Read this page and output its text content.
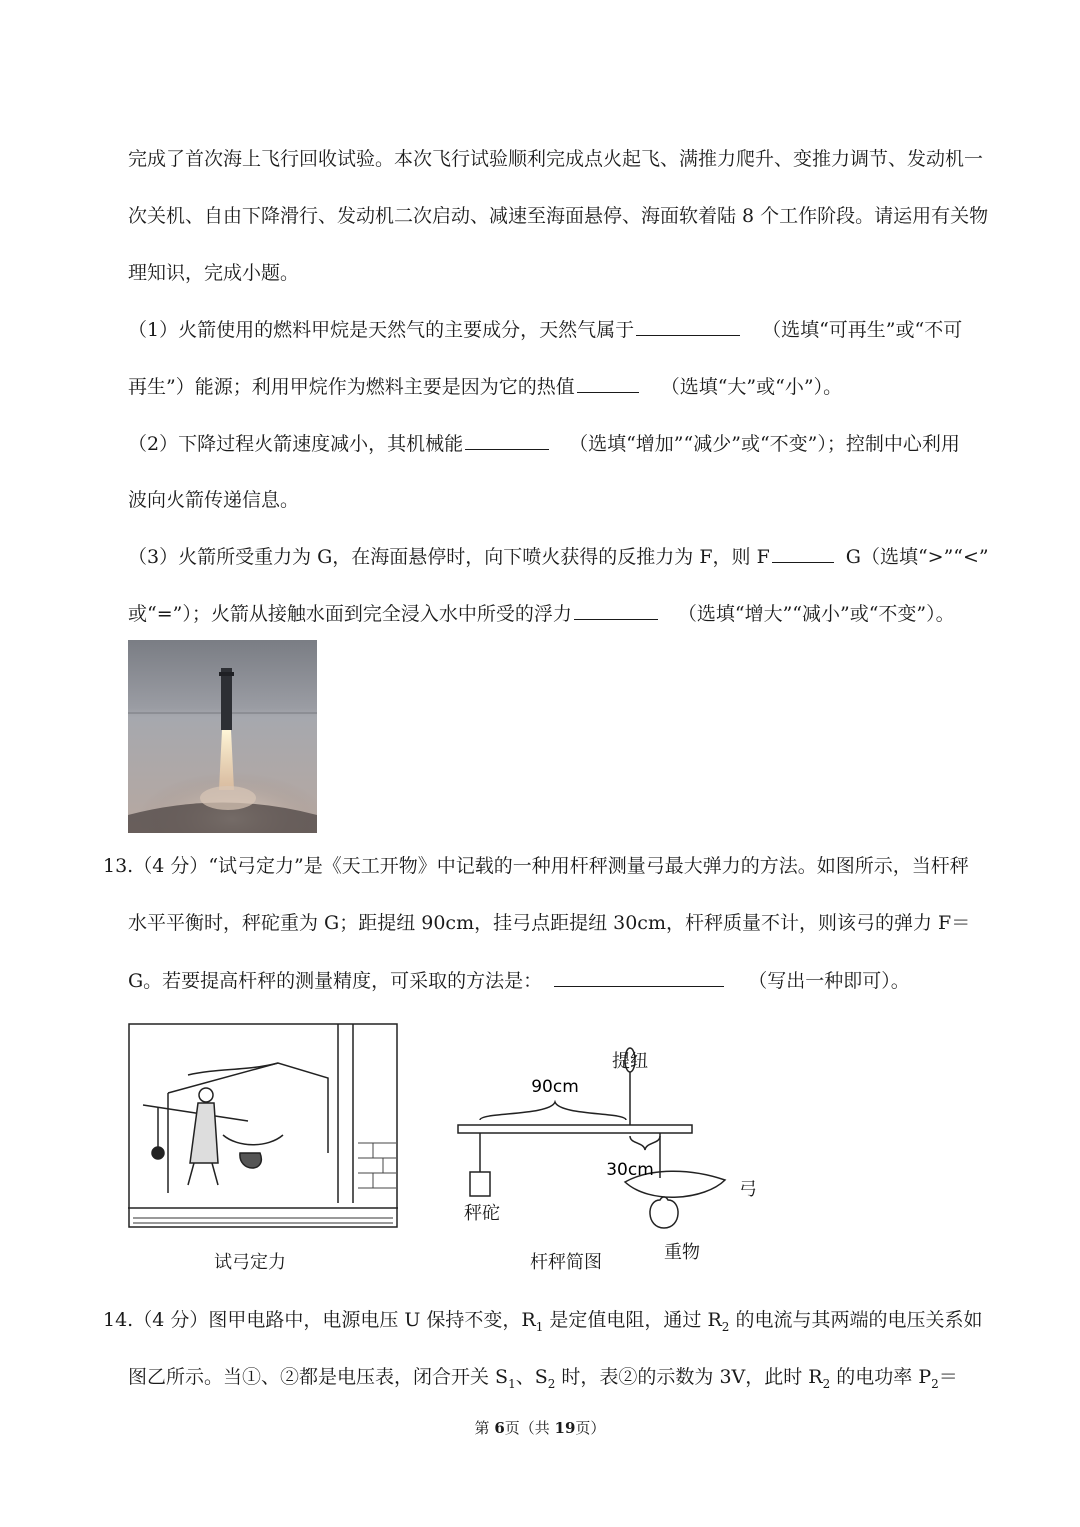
完成了首次海上飞行回收试验。本次飞行试验顺利完成点火起飞、满推力爬升、变推力调节、发动机一
次关机、自由下降滑行、发动机二次启动、减速至海面悬停、海面软着陆 8 个工作阶段。请运用有关物
理知识，完成小题。
（1）火箭使用的燃料甲烷是天然气的主要成分，天然气属于	（选填“可再生”或“不可
再生”）能源；利用甲烷作为燃料主要是因为它的热值	（选填“大”或“小”）。
（2）下降过程火箭速度减小，其机械能	（选填“增加”“减少”或“不变”）；控制中心利用
波向火箭传递信息。
（3）火箭所受重力为 G，在海面悬停时，向下喷火获得的反推力为 F，则 F	G（选填“>”“<”
或“=”）；火箭从接触水面到完全浸入水中所受的浮力	（选填“增大”“减小”或“不变”）。
13.（4 分）“试弓定力”是《天工开物》中记载的一种用杆秤测量弓最大弹力的方法。如图所示，当杆秤
水平平衡时，秤砣重为 G；距提纽 90cm，挂弓点距提纽 30cm，杆秤质量不计，则该弓的弹力 F＝
G。若要提高杆秤的测量精度，可采取的方法是：	（写出一种即可）。
试弓定力
90cm
30cm
提纽
秤砣
弓
重物
杆秤简图
14.（4 分）图甲电路中，电源电压 U 保持不变，$R_1$ 是定值电阻，通过 $R_2$ 的电流与其两端的电压关系如
图乙所示。当①、②都是电压表，闭合开关 $S_1$、$S_2$ 时，表②的示数为 3V，此时 $R_2$ 的电功率 $P_2=$
第 6页（共 19页）
